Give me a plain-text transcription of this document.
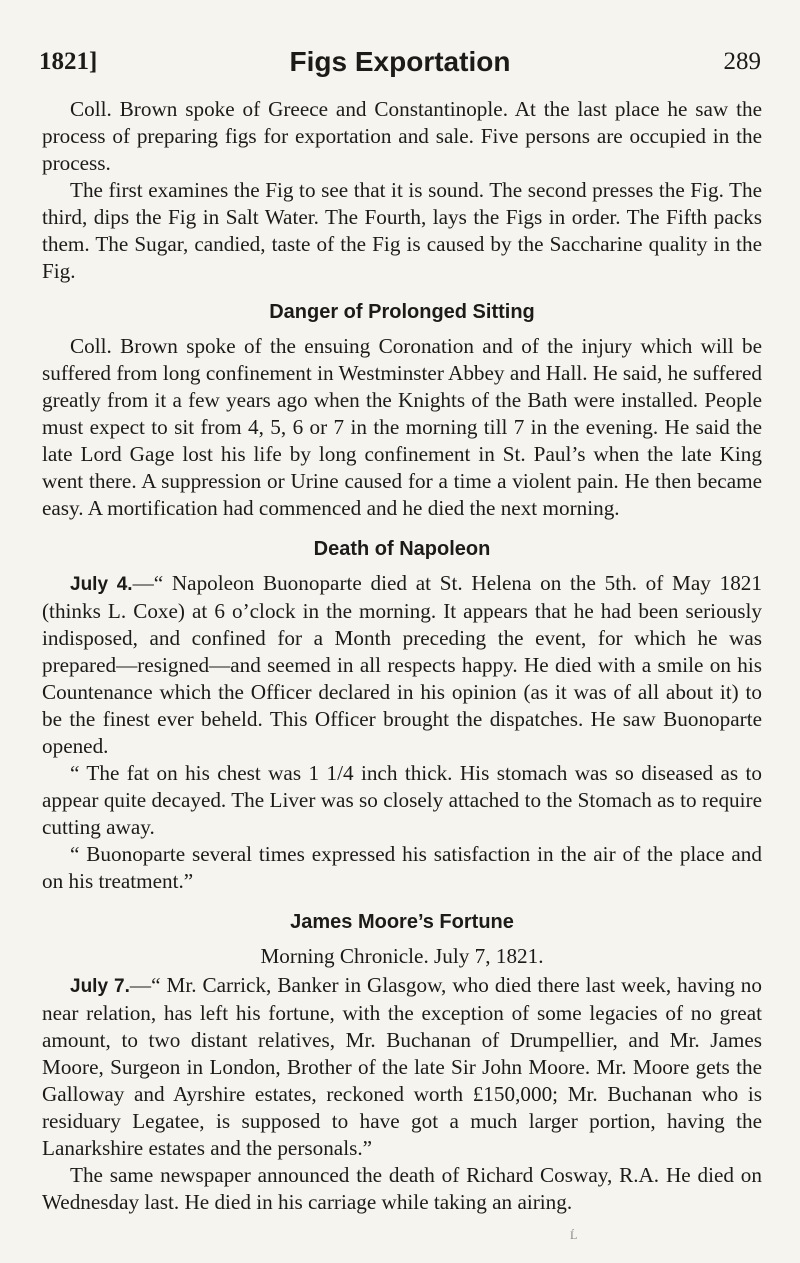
1821]	Figs Exportation	289

Coll. Brown spoke of Greece and Constantinople. At the last place he saw the process of preparing figs for exportation and sale. Five persons are occupied in the process.

The first examines the Fig to see that it is sound. The second presses the Fig. The third, dips the Fig in Salt Water. The Fourth, lays the Figs in order. The Fifth packs them. The Sugar, candied, taste of the Fig is caused by the Saccharine quality in the Fig.

Danger of Prolonged Sitting

Coll. Brown spoke of the ensuing Coronation and of the injury which will be suffered from long confinement in Westminster Abbey and Hall. He said, he suffered greatly from it a few years ago when the Knights of the Bath were installed. People must expect to sit from 4, 5, 6 or 7 in the morning till 7 in the evening. He said the late Lord Gage lost his life by long confinement in St. Paul’s when the late King went there. A suppression or Urine caused for a time a violent pain. He then became easy. A mortification had commenced and he died the next morning.

Death of Napoleon

July 4.—“ Napoleon Buonoparte died at St. Helena on the 5th. of May 1821 (thinks L. Coxe) at 6 o’clock in the morning. It appears that he had been seriously indisposed, and confined for a Month preceding the event, for which he was prepared—resigned—and seemed in all respects happy. He died with a smile on his Countenance which the Officer declared in his opinion (as it was of all about it) to be the finest ever beheld. This Officer brought the dispatches. He saw Buonoparte opened.

“ The fat on his chest was 1 1/4 inch thick. His stomach was so diseased as to appear quite decayed. The Liver was so closely attached to the Stomach as to require cutting away.

“ Buonoparte several times expressed his satisfaction in the air of the place and on his treatment.”

James Moore’s Fortune
Morning Chronicle. July 7, 1821.

July 7.—“ Mr. Carrick, Banker in Glasgow, who died there last week, having no near relation, has left his fortune, with the exception of some legacies of no great amount, to two distant relatives, Mr. Buchanan of Drumpellier, and Mr. James Moore, Surgeon in London, Brother of the late Sir John Moore. Mr. Moore gets the Galloway and Ayrshire estates, reckoned worth £150,000; Mr. Buchanan who is residuary Legatee, is supposed to have got a much larger portion, having the Lanarkshire estates and the personals.”

The same newspaper announced the death of Richard Cosway, R.A. He died on Wednesday last. He died in his carriage while taking an airing.

Ĺ
